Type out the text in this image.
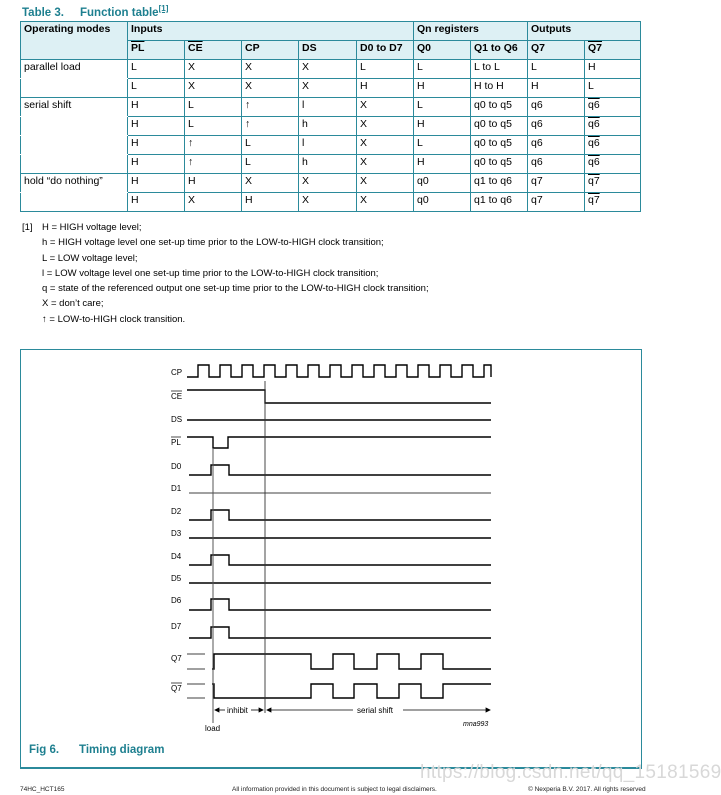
Table 3. Function table[1]
Operating modes	Inputs					Qn registers		Outputs	
	$\overline{PL}$	$\overline{CE}$	CP	DS	D0 to D7	Q0	Q1 to Q6	Q7	Q7
parallel load	L	X	X	X	L	L	L to L	L	H
	L	X	X	X	H	H	H to H	H	L
serial shift	H	L	↑	l	X	L	q0 to q5	q6	q6
	H	L	↑	h	X	H	q0 to q5	q6	q6
	H	↑	L	l	X	L	q0 to q5	q6	q6
	H	↑	L	h	X	H	q0 to q5	q6	q6
hold “do nothing”	H	H	X	X	X	q0	q1 to q6	q7	q7
	H	X	H	X	X	q0	q1 to q6	q7	q7
[1] H = HIGH voltage level;
h = HIGH voltage level one set-up time prior to the LOW-to-HIGH clock transition;
L = LOW voltage level;
l = LOW voltage level one set-up time prior to the LOW-to-HIGH clock transition;
q = state of the referenced output one set-up time prior to the LOW-to-HIGH clock transition;
X = don’t care;
↑ = LOW-to-HIGH clock transition.
CP
CE
DS
PL
D0
D1
D2
D3
D4
D5
D6
D7
Q7
Q7
inhibit	serial shift
load	mna993
Fig 6. Timing diagram
https://blog.csdn.net/qq_15181569
74HC_HCT165	All information provided in this document is subject to legal disclaimers.	© Nexperia B.V. 2017. All rights reserved
